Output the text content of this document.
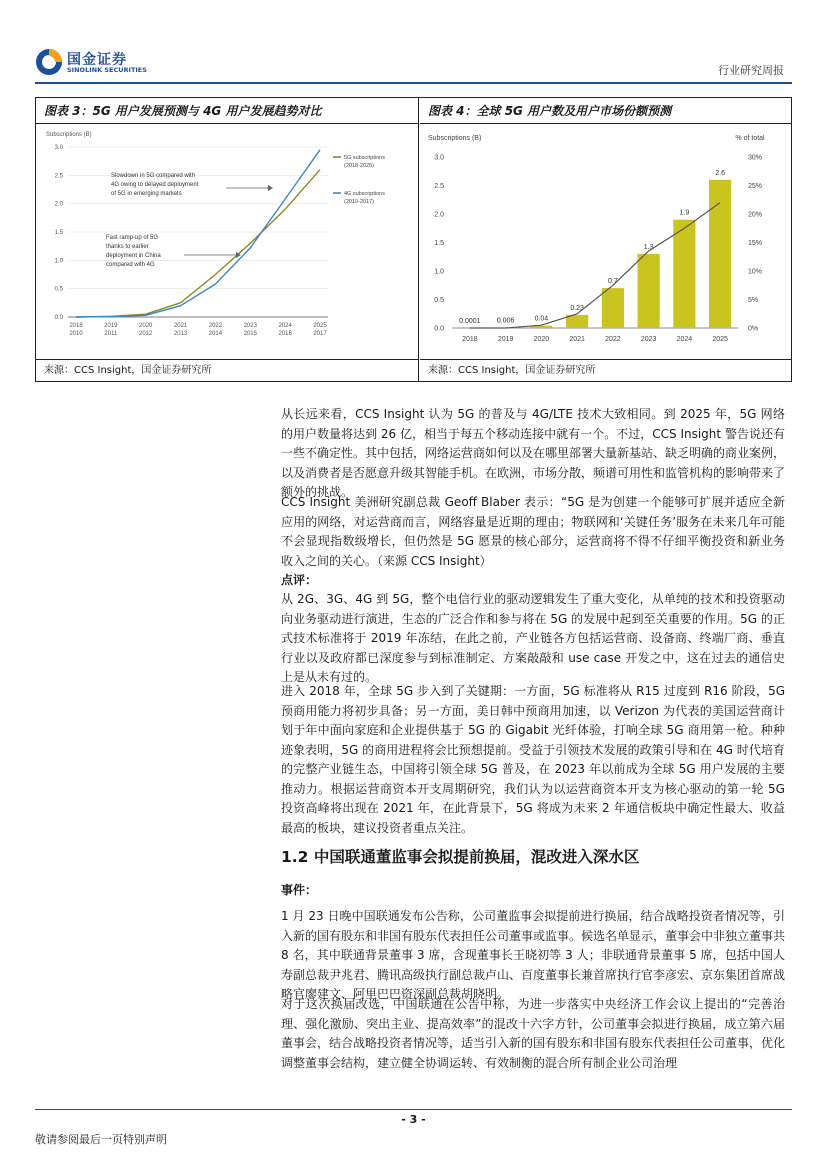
国金证券
SINOLINK SECURITIES	行业研究周报
图表 3：5G 用户发展预测与 4G 用户发展趋势对比
Subscriptions (B)
0.0
0.5
1.0
1.5
2.0
2.5
3.0
2018	2019	2020	2021	2022	2023	2024	2025
2010	2011	2012	2013	2014	2015	2016	2017
5G subscriptions
(2018-2025)
4G subscriptions
(2010-2017)
Slowdown in 5G compared with
4G owing to delayed deployment
of 5G in emerging markets
Fast ramp-up of 5G
thanks to earlier
deployment in China
compared with 4G
来源：CCS Insight，国金证券研究所
图表 4：全球 5G 用户数及用户市场份额预测
Subscriptions (B)	% of total
0.0
0.5
1.0
1.5
2.0
2.5
3.0
0%
5%
10%
15%
20%
25%
30%
0.0001
2018
0.006
2019
0.04
2020
0.23
2021
0.7
2022
1.3
2023
1.9
2024
2.6
2025
来源：CCS Insight，国金证券研究所
从长远来看，CCS Insight 认为 5G 的普及与 4G/LTE 技术大致相同。到 2025 年，5G 网络的用户数量将达到 26 亿，相当于每五个移动连接中就有一个。不过，CCS Insight 警告说还有一些不确定性。其中包括，网络运营商如何以及在哪里部署大量新基站、缺乏明确的商业案例，以及消费者是否愿意升级其智能手机。在欧洲，市场分散，频谱可用性和监管机构的影响带来了额外的挑战。
CCS Insight 美洲研究副总裁 Geoff Blaber 表示：“5G 是为创建一个能够可扩展并适应全新应用的网络，对运营商而言，网络容量是近期的理由；物联网和‘关键任务’服务在未来几年可能不会显现指数级增长，但仍然是 5G 愿景的核心部分，运营商将不得不仔细平衡投资和新业务收入之间的关心。（来源 CCS Insight）
点评：
从 2G、3G、4G 到 5G，整个电信行业的驱动逻辑发生了重大变化，从单纯的技术和投资驱动向业务驱动进行演进，生态的广泛合作和参与将在 5G 的发展中起到至关重要的作用。5G 的正式技术标准将于 2019 年冻结，在此之前，产业链各方包括运营商、设备商、终端厂商、垂直行业以及政府都已深度参与到标准制定、方案敲敲和 use case 开发之中，这在过去的通信史上是从未有过的。
进入 2018 年，全球 5G 步入到了关键期：一方面，5G 标准将从 R15 过度到 R16 阶段，5G 预商用能力将初步具备；另一方面，美日韩中预商用加速，以 Verizon 为代表的美国运营商计划于年中面向家庭和企业提供基于 5G 的 Gigabit 光纤体验，打响全球 5G 商用第一枪。种种迹象表明，5G 的商用进程将会比预想提前。受益于引领技术发展的政策引导和在 4G 时代培育的完整产业链生态，中国将引领全球 5G 普及，在 2023 年以前成为全球 5G 用户发展的主要推动力。根据运营商资本开支周期研究，我们认为以运营商资本开支为核心驱动的第一轮 5G 投资高峰将出现在 2021 年，在此背景下，5G 将成为未来 2 年通信板块中确定性最大、收益最高的板块，建议投资者重点关注。
1.2 中国联通董监事会拟提前换届，混改进入深水区
事件：
1 月 23 日晚中国联通发布公告称，公司董监事会拟提前进行换届，结合战略投资者情况等，引入新的国有股东和非国有股东代表担任公司董事或监事。候选名单显示，董事会中非独立董事共 8 名，其中联通背景董事 3 席，含现董事长王晓初等 3 人；非联通背景董事 5 席，包括中国人寿副总裁尹兆君、腾讯高级执行副总裁卢山、百度董事长兼首席执行官李彦宏、京东集团首席战略官廖建文、阿里巴巴资深副总裁胡晓明。
对于这次换届改选，中国联通在公告中称，为进一步落实中央经济工作会议上提出的“完善治理、强化激励、突出主业、提高效率”的混改十六字方针，公司董事会拟进行换届，成立第六届董事会，结合战略投资者情况等，适当引入新的国有股东和非国有股东代表担任公司董事，优化调整董事会结构，建立健全协调运转、有效制衡的混合所有制企业公司治理
- 3 -
敬请参阅最后一页特别声明
